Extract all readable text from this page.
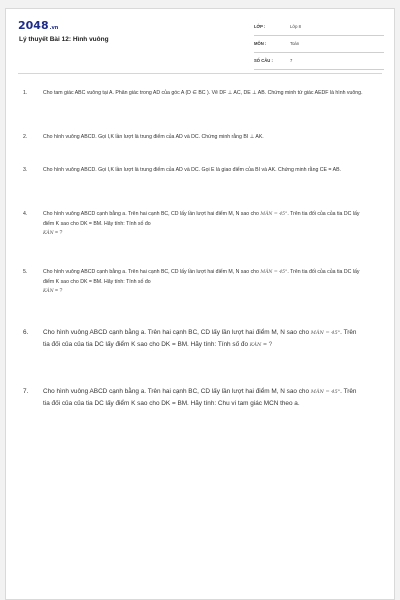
2048.vn
Lý thuyết Bài 12: Hình vuông
LỚP :	Lớp 8
MÔN :	Toán
SỐ CÂU :	7
1.	Cho tam giác ABC vuông tại A. Phân giác trong AD của góc A (D ∈ BC ). Vẽ DF ⊥ AC, DE ⊥ AB. Chứng minh tứ giác AEDF là hình vuông.
2.	Cho hình vuông ABCD. Gọi I,K lần lượt là trung điểm của AD và DC. Chứng minh rằng BI ⊥ AK.
3.	Cho hình vuông ABCD. Gọi I,K lần lượt là trung điểm của AD và DC. Gọi E là giao điểm của BI và AK. Chứng minh rằng CE = AB.
4.	Cho hình vuông ABCD cạnh bằng a. Trên hai cạnh BC, CD lấy lần lượt hai điểm M, N sao cho MÂN = 45°. Trên tia đối của của tia DC lấy điểm K sao cho DK = BM. Hãy tính: Tính số đo
KÂN = ?
5.	Cho hình vuông ABCD cạnh bằng a. Trên hai cạnh BC, CD lấy lần lượt hai điểm M, N sao cho MÂN = 45°. Trên tia đối của của tia DC lấy điểm K sao cho DK = BM. Hãy tính: Tính số đo
KÂN = ?
6.	Cho hình vuông ABCD cạnh bằng a. Trên hai cạnh BC, CD lấy lần lượt hai điểm M, N sao cho MÂN = 45°. Trên tia đối của của tia DC lấy điểm K sao cho DK = BM. Hãy tính: Tính số đo KÂN = ?
7.	Cho hình vuông ABCD cạnh bằng a. Trên hai cạnh BC, CD lấy lần lượt hai điểm M, N sao cho MÂN = 45°. Trên tia đối của của tia DC lấy điểm K sao cho DK = BM. Hãy tính: Chu vi tam giác MCN theo a.
